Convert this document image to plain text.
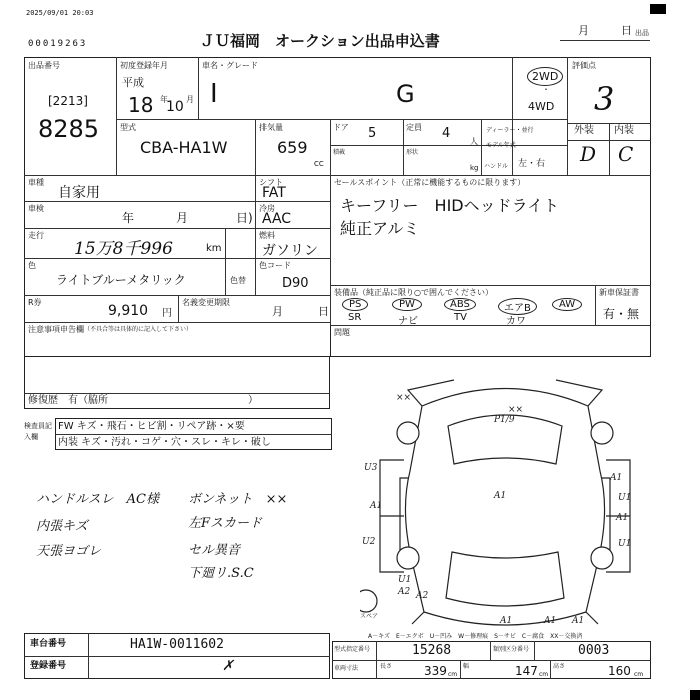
2025/09/01 20:03
00019263	ＪＵ福岡　オークション出品申込書
月	日 出品
出品番号
[2213]
8285
初度登録年月
平成
年 月
18 10
車名・グレード
I	G
2WD
・
4WD
型式
CBA-HA1W
排気量
659
CC
ドア 5	定員 4
人
積載	形状
kg
ディーラー・並行
モデル年式
ハンドル 左・右
評価点
3
外装 内装
D C
車種
自家用
シフト
FAT
セールスポイント（正常に機能するものに限ります）
キーフリー　HIDヘッドライト
純正アルミ
車検
年	月	日)
冷房
AAC
走行
15万8千996	km
燃料
ガソリン
色
ライトブルーメタリック	色替
色コード
D90
R券
9,910 円
名義変更期限
月	日
装備品（純正品に限り○で囲んでください）	新車保証書
有・無
PS
SR
PW
ナビ
ABS
TV
エアB
カワ
AW
問題
注意事項申告欄 （不具合等は具体的に記入して下さい）
修復歴　有（脇所	）
検査員記入欄
FW キズ・飛石・ヒビ割・リペア跡・×要
内装 キズ・汚れ・コゲ・穴・スレ・キレ・破し
ハンドルスレ　AC様
内張キズ
天張ヨゴレ
ボンネット　××
左Fスカード
セル異音
下廻リ.S.C
××
P1/9
××
U3
A1
A1
U2
U1
A1
U1
A1
U1
A2 A2
A1	A1 A1
スペア
A－キズ　E－エクボ　U－凹み　W－修理痕　S－サビ　C－腐食　XX－交換済
車台番号	HA1W-0011602
登録番号	✗
型式指定番号	15268	類別区分番号	0003
車両寸法	長さ	339 cm
幅	147 cm
高さ	160 cm
